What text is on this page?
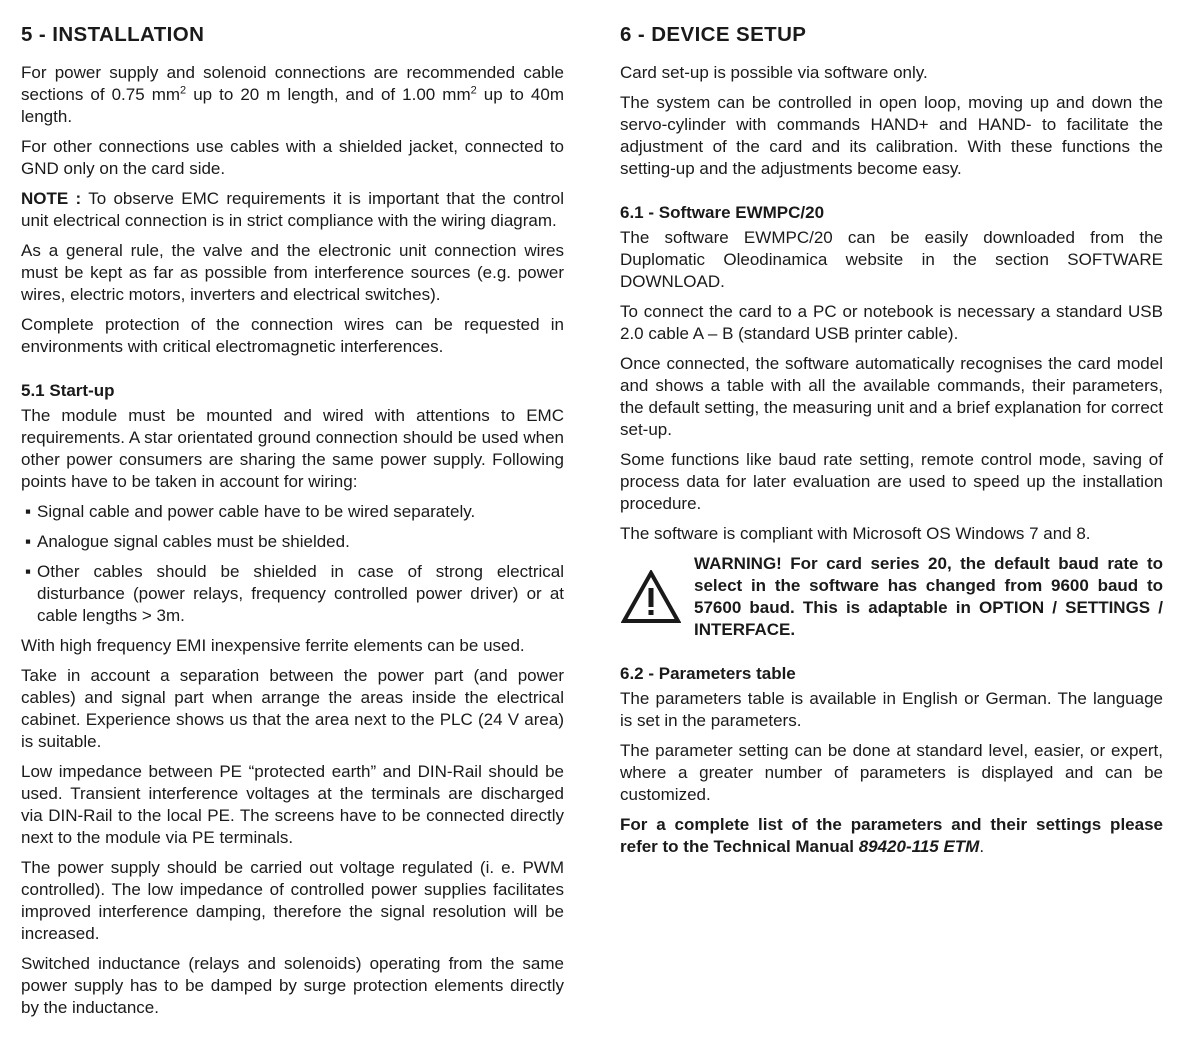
5 - INSTALLATION

For power supply and solenoid connections are recommended cable sections of 0.75 $mm^2$ up to 20 m length, and of 1.00 $mm^2$ up to 40m length.

For other connections use cables with a shielded jacket, connected to GND only on the card side.

NOTE : To observe EMC requirements it is important that the control unit electrical connection is in strict compliance with the wiring diagram.

As a general rule, the valve and the electronic unit connection wires must be kept as far as possible from interference sources (e.g. power wires, electric motors, inverters and electrical switches).

Complete protection of the connection wires can be requested in environments with critical electromagnetic interferences.

5.1 Start-up

The module must be mounted and wired with attentions to EMC requirements. A star orientated ground connection should be used when other power consumers are sharing the same power supply. Following points have to be taken in account for wiring:

▪ Signal cable and power cable have to be wired separately.
▪ Analogue signal cables must be shielded.
▪ Other cables should be shielded in case of strong electrical disturbance (power relays, frequency controlled power driver) or at cable lengths > 3m.

With high frequency EMI inexpensive ferrite elements can be used.

Take in account a separation between the power part (and power cables) and signal part when arrange the areas inside the electrical cabinet. Experience shows us that the area next to the PLC (24 V area) is suitable.

Low impedance between PE “protected earth” and DIN-Rail should be used. Transient interference voltages at the terminals are discharged via DIN-Rail to the local PE. The screens have to be connected directly next to the module via PE terminals.

The power supply should be carried out voltage regulated (i. e. PWM controlled). The low impedance of controlled power supplies facilitates improved interference damping, therefore the signal resolution will be increased.

Switched inductance (relays and solenoids) operating from the same power supply has to be damped by surge protection elements directly by the inductance.

6 - DEVICE SETUP

Card set-up is possible via software only.

The system can be controlled in open loop, moving up and down the servo-cylinder with commands HAND+ and HAND- to facilitate the adjustment of the card and its calibration. With these functions the setting-up and the adjustments become easy.

6.1 - Software EWMPC/20

The software EWMPC/20 can be easily downloaded from the Duplomatic Oleodinamica website in the section SOFTWARE DOWNLOAD.

To connect the card to a PC or notebook is necessary a standard USB 2.0 cable A – B (standard USB printer cable).

Once connected, the software automatically recognises the card model and shows a table with all the available commands, their parameters, the default setting, the measuring unit and a brief explanation for correct set-up.

Some functions like baud rate setting, remote control mode, saving of process data for later evaluation are used to speed up the installation procedure.

The software is compliant with Microsoft OS Windows 7 and 8.

WARNING! For card series 20, the default baud rate to select in the software has changed from 9600 baud to 57600 baud. This is adaptable in OPTION / SETTINGS / INTERFACE.
6.2 - Parameters table

The parameters table is available in English or German. The language is set in the parameters.

The parameter setting can be done at standard level, easier, or expert, where a greater number of parameters is displayed and can be customized.

For a complete list of the parameters and their settings please refer to the Technical Manual 89420-115 ETM.
